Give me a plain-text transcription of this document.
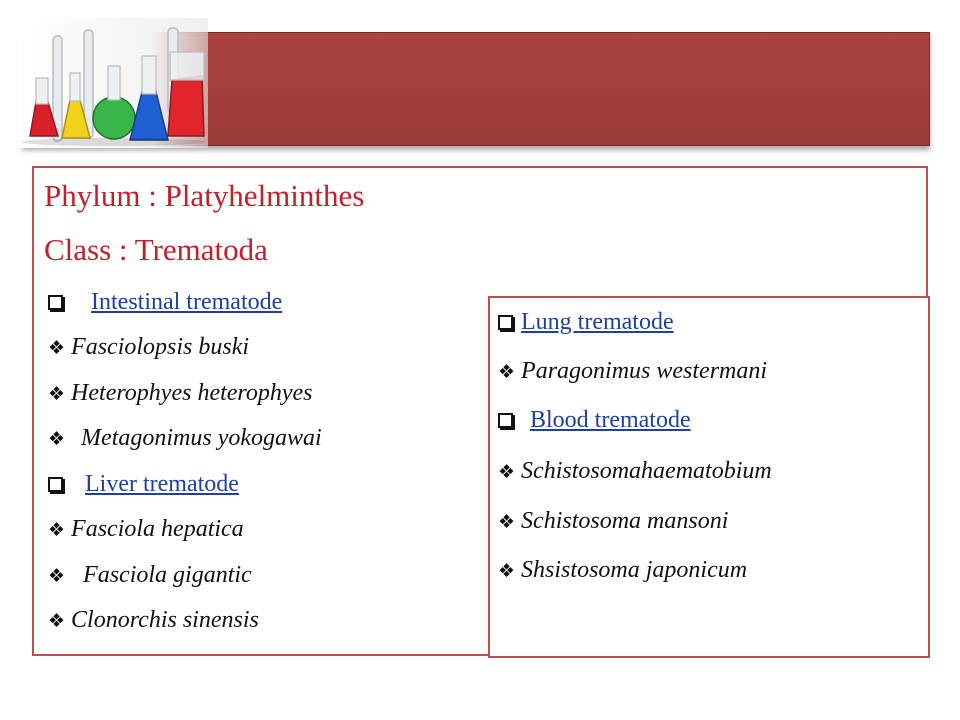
Phylum : Platyhelminthes
Class : Trematoda
Intestinal trematode
❖ Fasciolopsis buski
❖ Heterophyes heterophyes
❖ Metagonimus yokogawai
Liver trematode
❖ Fasciola hepatica
❖ Fasciola gigantic
❖ Clonorchis sinensis
Lung trematode
❖ Paragonimus westermani
Blood trematode
❖ Schistosomahaematobium
❖ Schistosoma mansoni
❖ Shsistosoma japonicum
